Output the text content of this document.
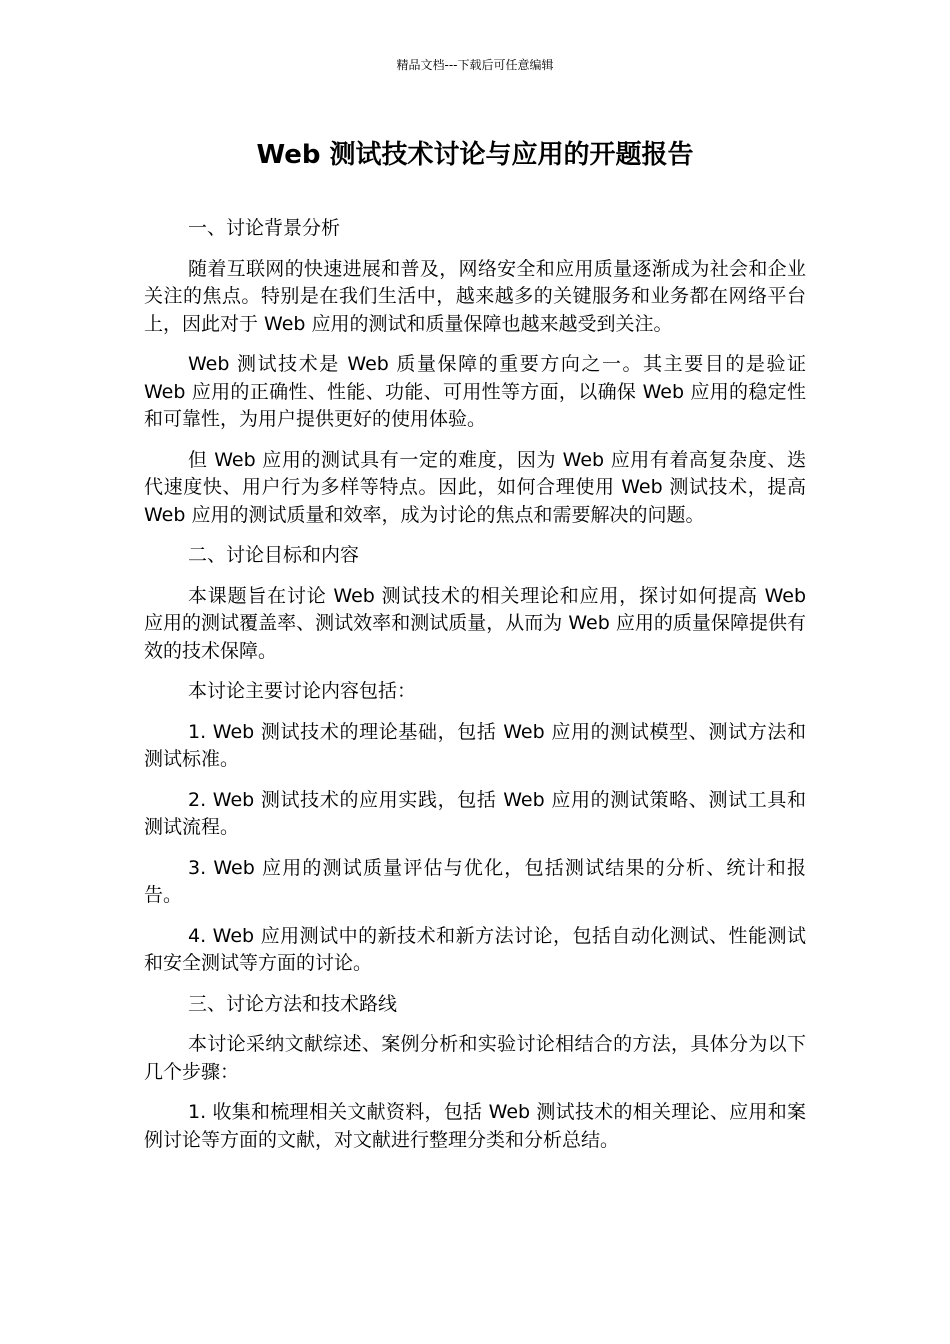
精品文档---下载后可任意编辑
Web 测试技术讨论与应用的开题报告

一、讨论背景分析

随着互联网的快速进展和普及，网络安全和应用质量逐渐成为社会和企业关注的焦点。特别是在我们生活中，越来越多的关键服务和业务都在网络平台上，因此对于 Web 应用的测试和质量保障也越来越受到关注。

Web 测试技术是 Web 质量保障的重要方向之一。其主要目的是验证 Web 应用的正确性、性能、功能、可用性等方面，以确保 Web 应用的稳定性和可靠性，为用户提供更好的使用体验。

但 Web 应用的测试具有一定的难度，因为 Web 应用有着高复杂度、迭代速度快、用户行为多样等特点。因此，如何合理使用 Web 测试技术，提高 Web 应用的测试质量和效率，成为讨论的焦点和需要解决的问题。

二、讨论目标和内容

本课题旨在讨论 Web 测试技术的相关理论和应用，探讨如何提高 Web 应用的测试覆盖率、测试效率和测试质量，从而为 Web 应用的质量保障提供有效的技术保障。

本讨论主要讨论内容包括：

1. Web 测试技术的理论基础，包括 Web 应用的测试模型、测试方法和测试标准。

2. Web 测试技术的应用实践，包括 Web 应用的测试策略、测试工具和测试流程。

3. Web 应用的测试质量评估与优化，包括测试结果的分析、统计和报告。

4. Web 应用测试中的新技术和新方法讨论，包括自动化测试、性能测试和安全测试等方面的讨论。

三、讨论方法和技术路线

本讨论采纳文献综述、案例分析和实验讨论相结合的方法，具体分为以下几个步骤：

1. 收集和梳理相关文献资料，包括 Web 测试技术的相关理论、应用和案例讨论等方面的文献，对文献进行整理分类和分析总结。
